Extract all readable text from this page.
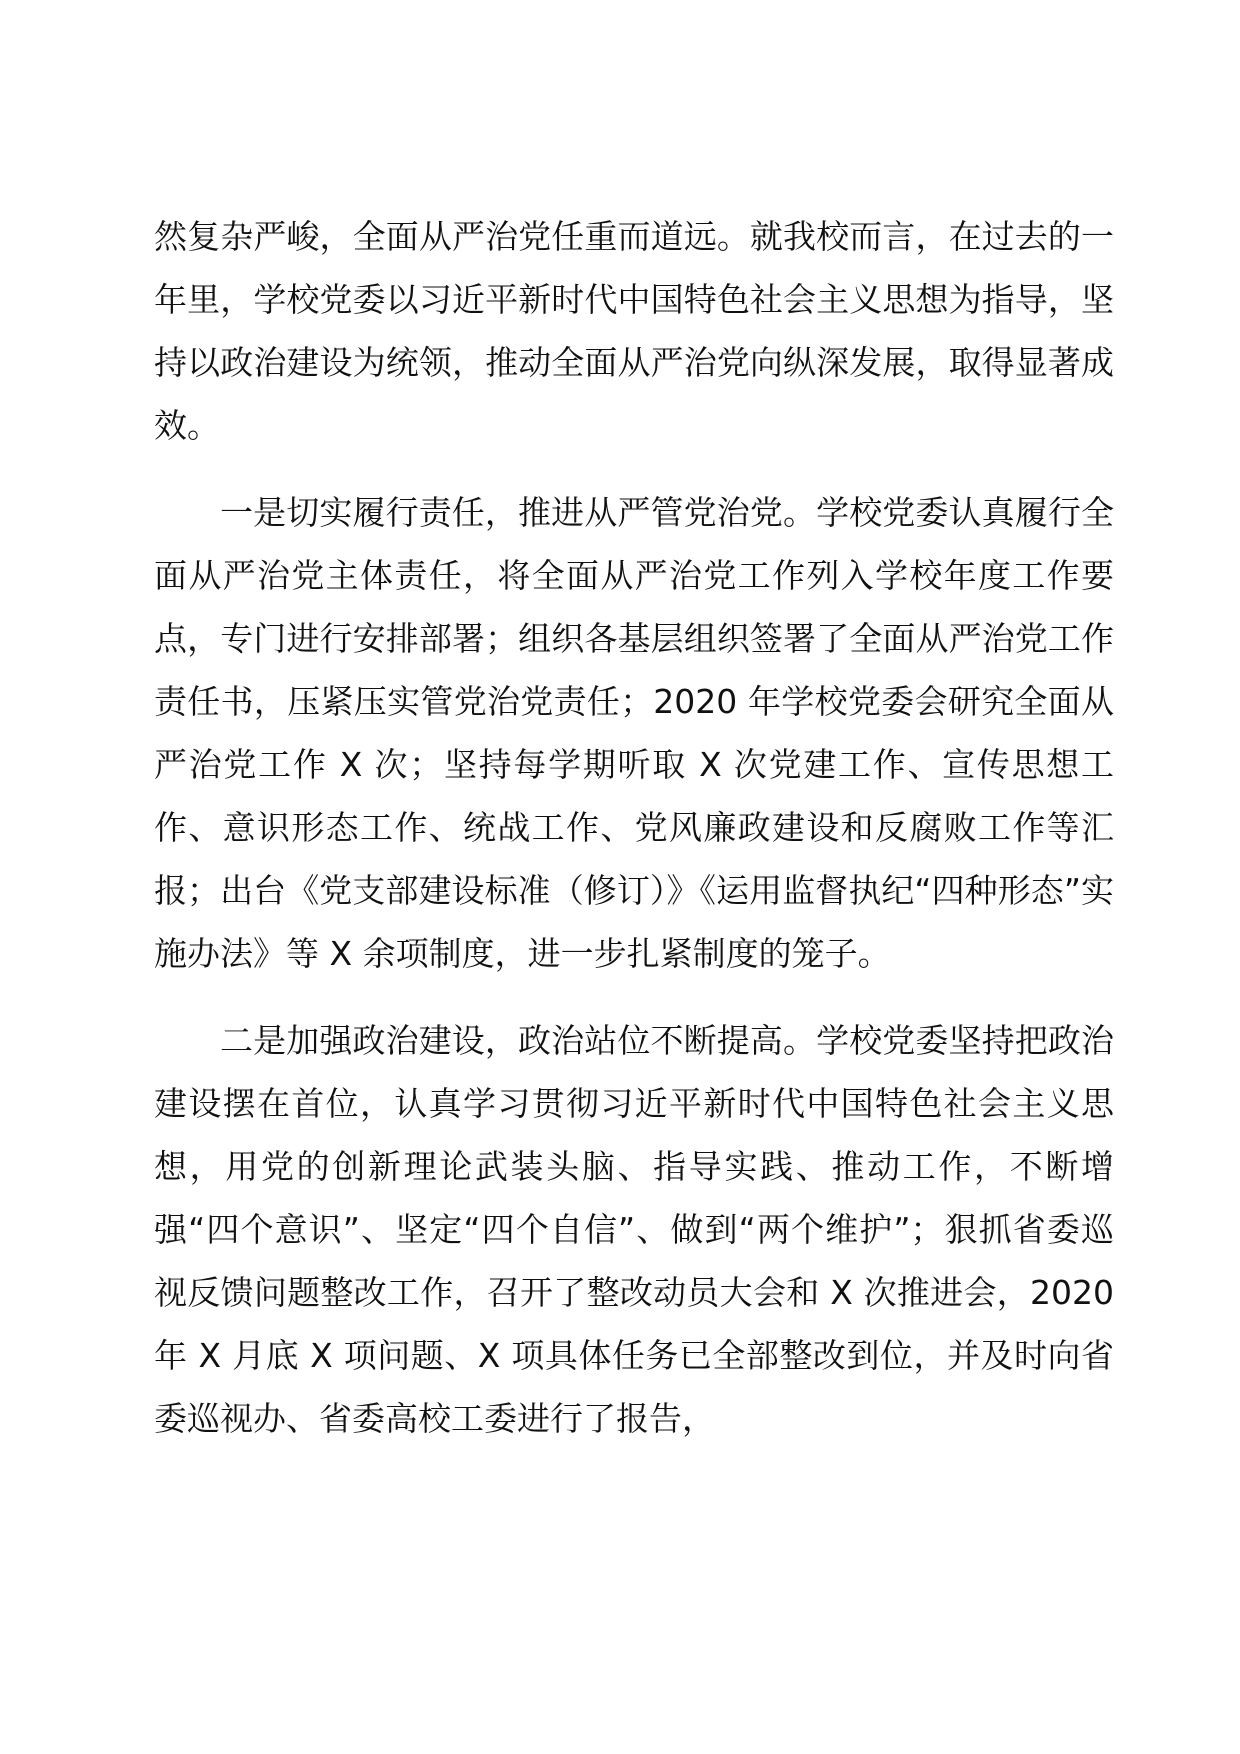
然复杂严峻，全面从严治党任重而道远。就我校而言，在过去的一年里，学校党委以习近平新时代中国特色社会主义思想为指导，坚持以政治建设为统领，推动全面从严治党向纵深发展，取得显著成效。

一是切实履行责任，推进从严管党治党。学校党委认真履行全面从严治党主体责任，将全面从严治党工作列入学校年度工作要点，专门进行安排部署；组织各基层组织签署了全面从严治党工作责任书，压紧压实管党治党责任；2020 年学校党委会研究全面从严治党工作 X 次；坚持每学期听取 X 次党建工作、宣传思想工作、意识形态工作、统战工作、党风廉政建设和反腐败工作等汇报；出台《党支部建设标准（修订）》《运用监督执纪“四种形态”实施办法》等 X 余项制度，进一步扎紧制度的笼子。

二是加强政治建设，政治站位不断提高。学校党委坚持把政治建设摆在首位，认真学习贯彻习近平新时代中国特色社会主义思想，用党的创新理论武装头脑、指导实践、推动工作，不断增强“四个意识”、坚定“四个自信”、做到“两个维护”；狠抓省委巡视反馈问题整改工作，召开了整改动员大会和 X 次推进会，2020 年 X 月底 X 项问题、X 项具体任务已全部整改到位，并及时向省委巡视办、省委高校工委进行了报告，
